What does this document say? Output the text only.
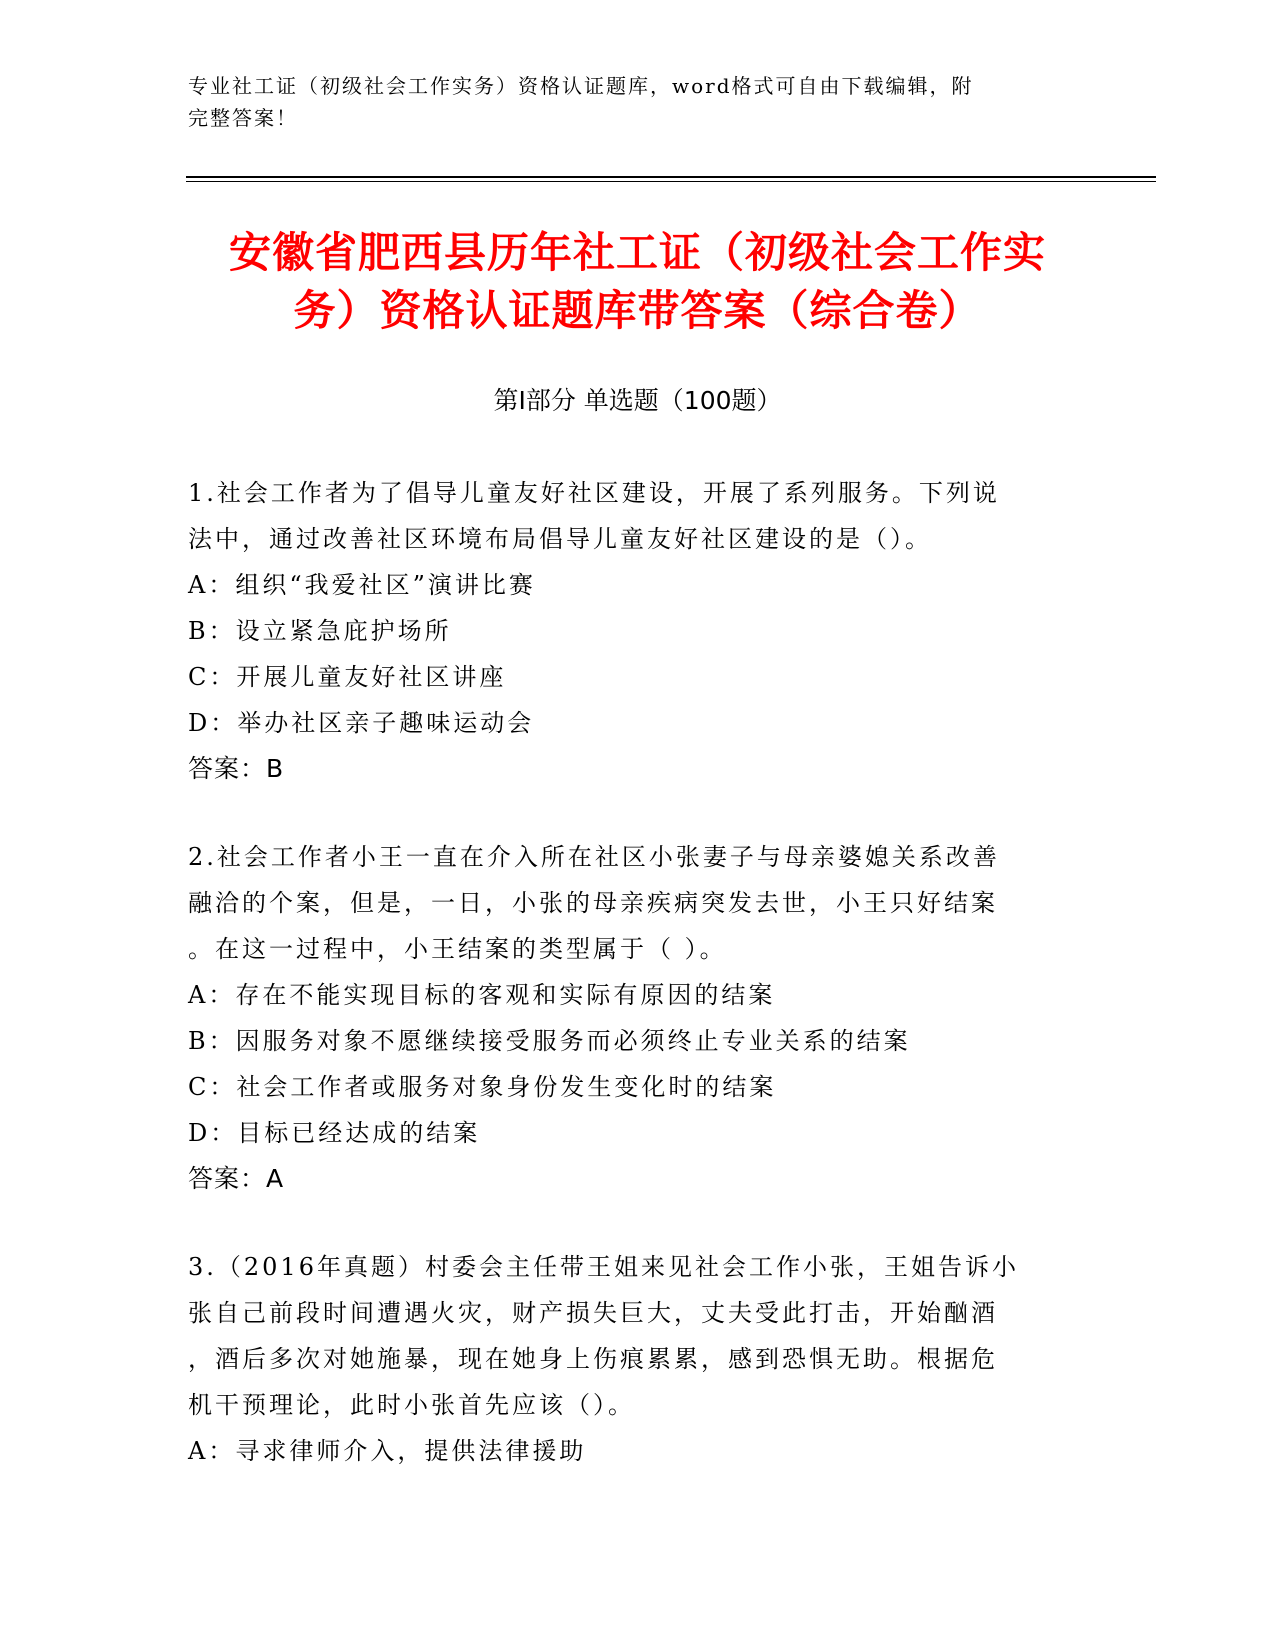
专业社工证（初级社会工作实务）资格认证题库，word格式可自由下载编辑，附
完整答案！
安徽省肥西县历年社工证（初级社会工作实
务）资格认证题库带答案（综合卷）
第Ⅰ部分 单选题（100题）
1.社会工作者为了倡导儿童友好社区建设，开展了系列服务。下列说
法中，通过改善社区环境布局倡导儿童友好社区建设的是（）。
A：组织“我爱社区”演讲比赛
B：设立紧急庇护场所
C：开展儿童友好社区讲座
D：举办社区亲子趣味运动会
答案：B
2.社会工作者小王一直在介入所在社区小张妻子与母亲婆媳关系改善
融洽的个案，但是，一日，小张的母亲疾病突发去世，小王只好结案
。在这一过程中，小王结案的类型属于（ ）。
A：存在不能实现目标的客观和实际有原因的结案
B：因服务对象不愿继续接受服务而必须终止专业关系的结案
C：社会工作者或服务对象身份发生变化时的结案
D：目标已经达成的结案
答案：A
3.（2016年真题）村委会主任带王姐来见社会工作小张，王姐告诉小
张自己前段时间遭遇火灾，财产损失巨大，丈夫受此打击，开始酗酒
，酒后多次对她施暴，现在她身上伤痕累累，感到恐惧无助。根据危
机干预理论，此时小张首先应该（）。
A：寻求律师介入，提供法律援助
